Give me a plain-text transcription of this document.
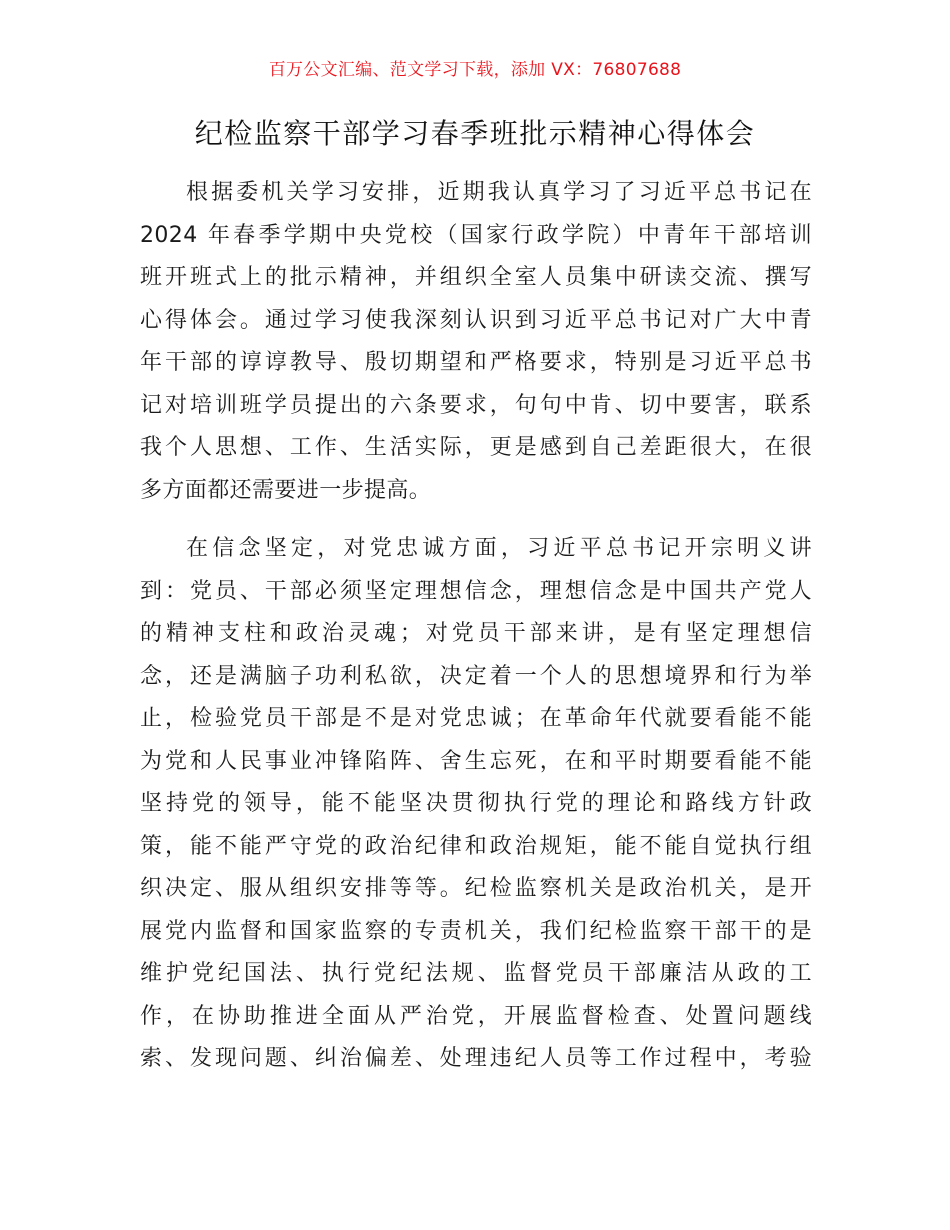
百万公文汇编、范文学习下载，添加 VX：76807688
纪检监察干部学习春季班批示精神心得体会
根据委机关学习安排，近期我认真学习了习近平总书记在
2024 年春季学期中央党校（国家行政学院）中青年干部培训
班开班式上的批示精神，并组织全室人员集中研读交流、撰写
心得体会。通过学习使我深刻认识到习近平总书记对广大中青
年干部的谆谆教导、殷切期望和严格要求，特别是习近平总书
记对培训班学员提出的六条要求，句句中肯、切中要害，联系
我个人思想、工作、生活实际，更是感到自己差距很大，在很
多方面都还需要进一步提高。
在信念坚定，对党忠诚方面，习近平总书记开宗明义讲
到：党员、干部必须坚定理想信念，理想信念是中国共产党人
的精神支柱和政治灵魂；对党员干部来讲，是有坚定理想信
念，还是满脑子功利私欲，决定着一个人的思想境界和行为举
止，检验党员干部是不是对党忠诚；在革命年代就要看能不能
为党和人民事业冲锋陷阵、舍生忘死，在和平时期要看能不能
坚持党的领导，能不能坚决贯彻执行党的理论和路线方针政
策，能不能严守党的政治纪律和政治规矩，能不能自觉执行组
织决定、服从组织安排等等。纪检监察机关是政治机关，是开
展党内监督和国家监察的专责机关，我们纪检监察干部干的是
维护党纪国法、执行党纪法规、监督党员干部廉洁从政的工
作，在协助推进全面从严治党，开展监督检查、处置问题线
索、发现问题、纠治偏差、处理违纪人员等工作过程中，考验
